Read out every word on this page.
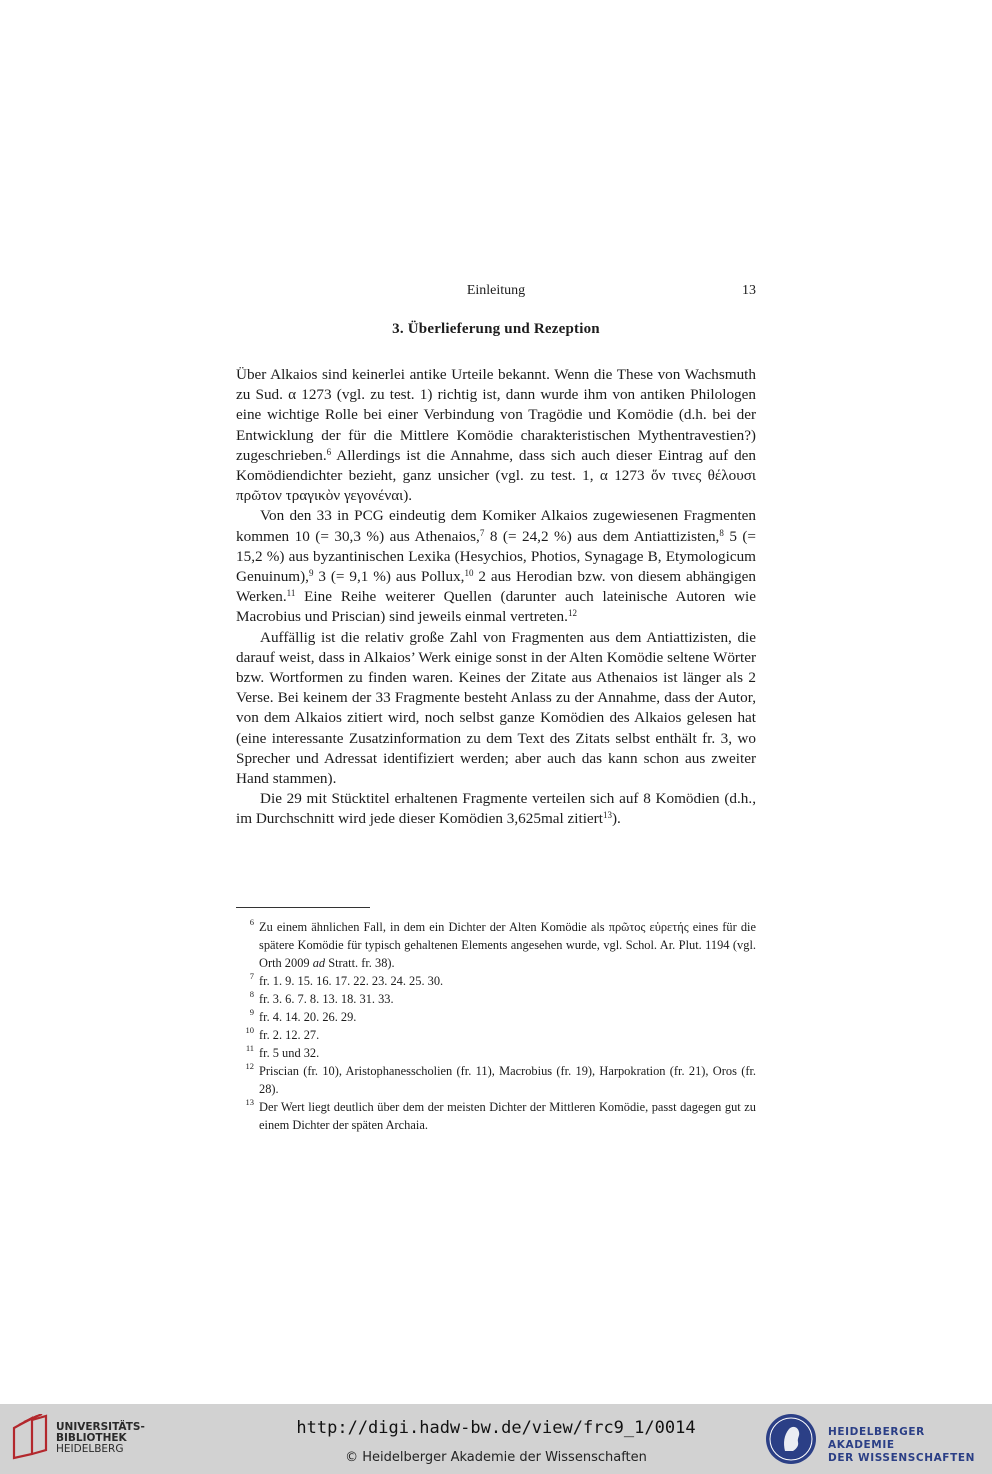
Einleitung	13
3. Überlieferung und Rezeption

Über Alkaios sind keinerlei antike Urteile bekannt. Wenn die These von Wachsmuth zu Sud. α 1273 (vgl. zu test. 1) richtig ist, dann wurde ihm von antiken Philologen eine wichtige Rolle bei einer Verbindung von Tragödie und Komödie (d.h. bei der Entwicklung der für die Mittlere Komödie charakteristischen Mythentravestien?) zugeschrieben.$^6$ Allerdings ist die Annahme, dass sich auch dieser Eintrag auf den Komödiendichter bezieht, ganz unsicher (vgl. zu test. 1, α 1273 ὅν τινες θέλουσι πρῶτον τραγικὸν γεγονέναι).

Von den 33 in PCG eindeutig dem Komiker Alkaios zugewiesenen Fragmenten kommen 10 (= 30,3 %) aus Athenaios,$^7$ 8 (= 24,2 %) aus dem Antiattizisten,$^8$ 5 (= 15,2 %) aus byzantinischen Lexika (Hesychios, Photios, Synagage B, Etymologicum Genuinum),$^9$ 3 (= 9,1 %) aus Pollux,$^{10}$ 2 aus Herodian bzw. von diesem abhängigen Werken.$^{11}$ Eine Reihe weiterer Quellen (darunter auch lateinische Autoren wie Macrobius und Priscian) sind jeweils einmal vertreten.$^{12}$

Auffällig ist die relativ große Zahl von Fragmenten aus dem Antiattizisten, die darauf weist, dass in Alkaios’ Werk einige sonst in der Alten Komödie seltene Wörter bzw. Wortformen zu finden waren. Keines der Zitate aus Athenaios ist länger als 2 Verse. Bei keinem der 33 Fragmente besteht Anlass zu der Annahme, dass der Autor, von dem Alkaios zitiert wird, noch selbst ganze Komödien des Alkaios gelesen hat (eine interessante Zusatzinformation zu dem Text des Zitats selbst enthält fr. 3, wo Sprecher und Adressat identifiziert werden; aber auch das kann schon aus zweiter Hand stammen).

Die 29 mit Stücktitel erhaltenen Fragmente verteilen sich auf 8 Komödien (d.h., im Durchschnitt wird jede dieser Komödien 3,625mal zitiert$^{13}$).

6 Zu einem ähnlichen Fall, in dem ein Dichter der Alten Komödie als πρῶτος εὑρετής eines für die spätere Komödie für typisch gehaltenen Elements angesehen wurde, vgl. Schol. Ar. Plut. 1194 (vgl. Orth 2009 ad Stratt. fr. 38).
7 fr. 1. 9. 15. 16. 17. 22. 23. 24. 25. 30.
8 fr. 3. 6. 7. 8. 13. 18. 31. 33.
9 fr. 4. 14. 20. 26. 29.
10 fr. 2. 12. 27.
11 fr. 5 und 32.
12 Priscian (fr. 10), Aristophanesscholien (fr. 11), Macrobius (fr. 19), Harpokration (fr. 21), Oros (fr. 28).
13 Der Wert liegt deutlich über dem der meisten Dichter der Mittleren Komödie, passt dagegen gut zu einem Dichter der späten Archaia.
UNIVERSITÄTS-
BIBLIOTHEK
HEIDELBERG
http://digi.hadw-bw.de/view/frc9_1/0014
© Heidelberger Akademie der Wissenschaften
HEIDELBERGER AKADEMIE
DER WISSENSCHAFTEN
